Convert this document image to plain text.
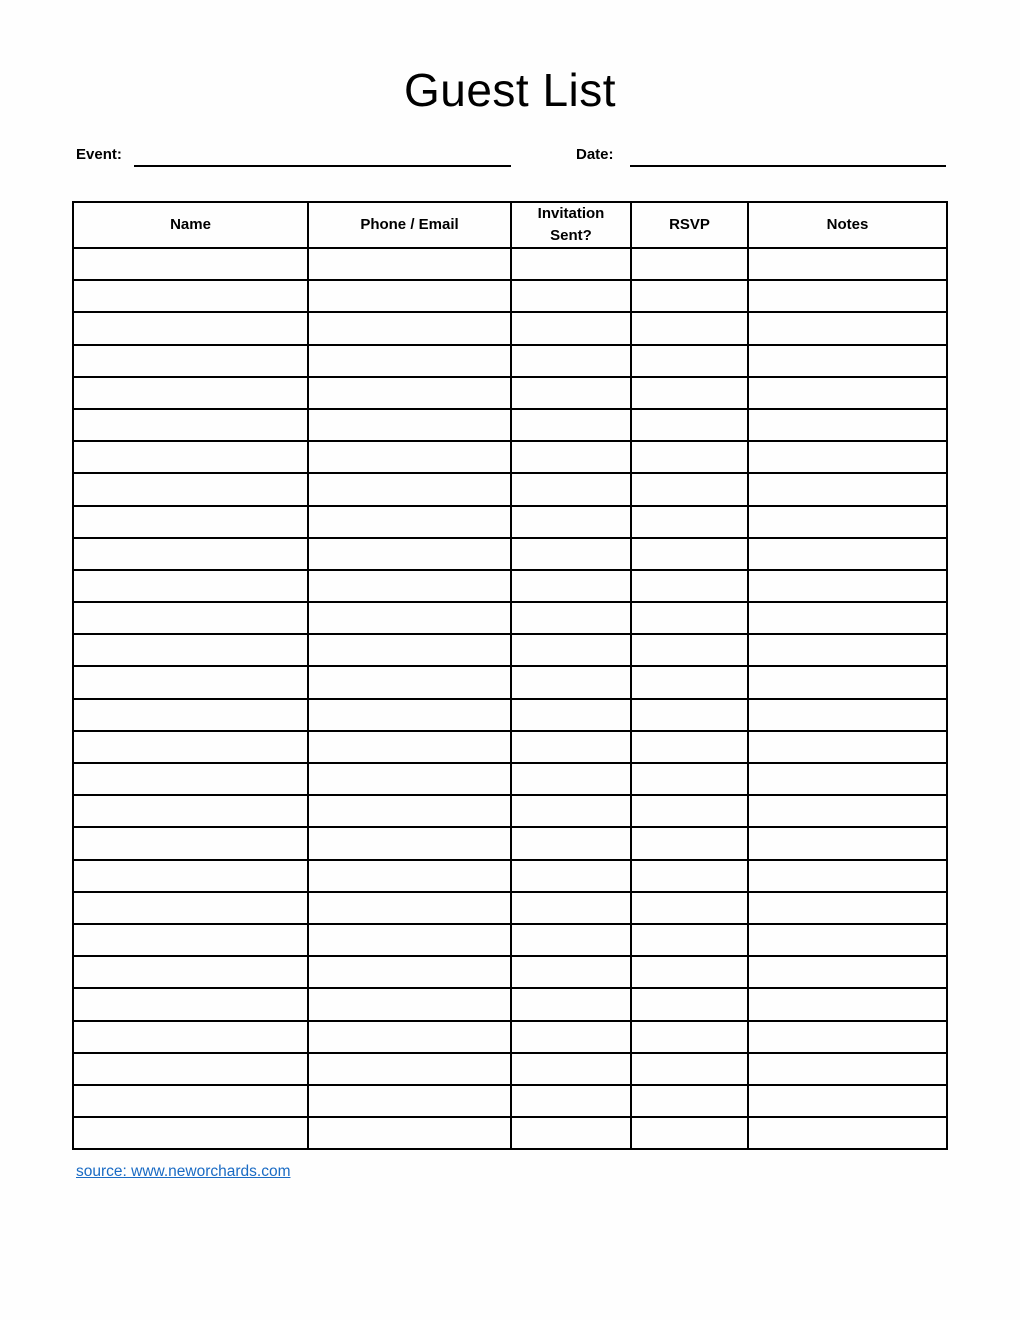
Guest List
Event:	Date:
Name	Phone / Email	Invitation Sent?	RSVP	Notes

source: www.neworchards.com
